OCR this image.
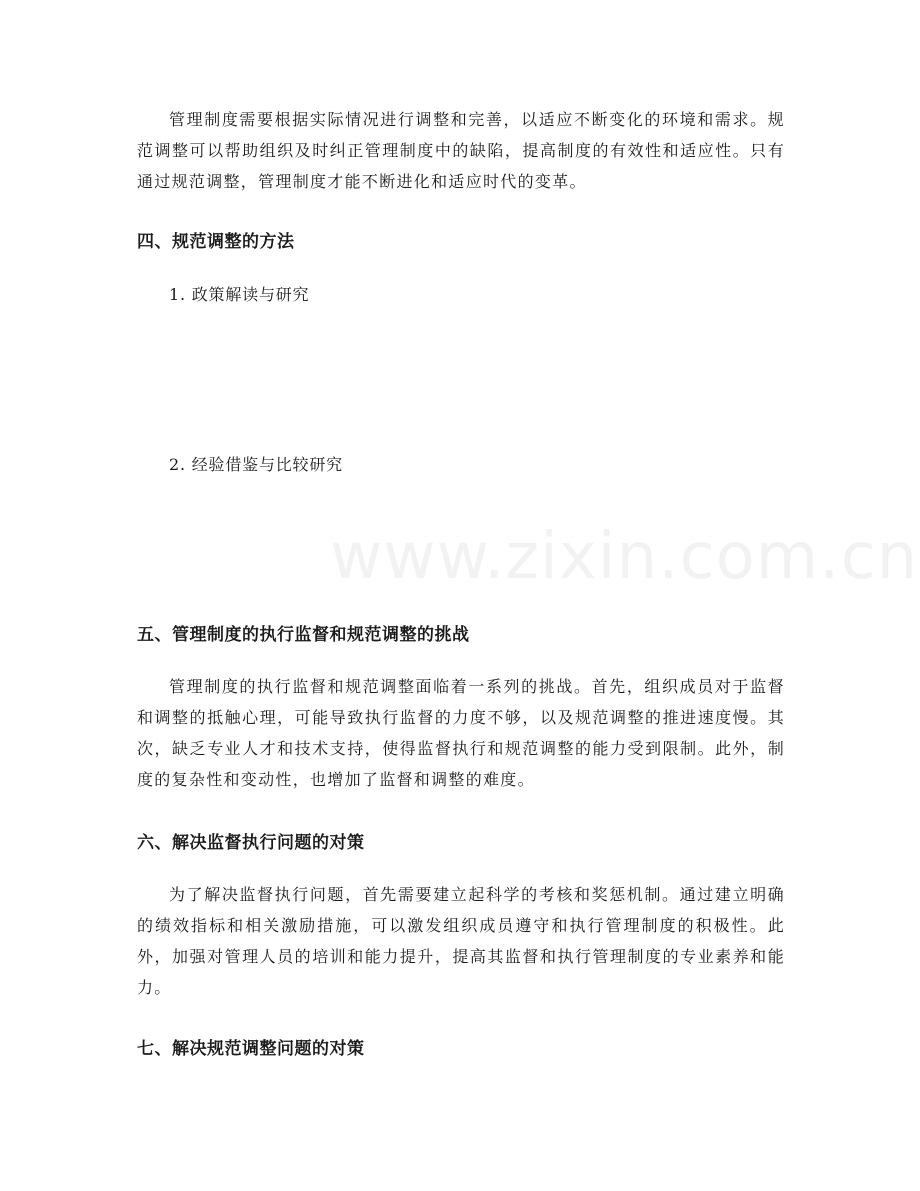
管理制度需要根据实际情况进行调整和完善，以适应不断变化的环境和需求。规范调整可以帮助组织及时纠正管理制度中的缺陷，提高制度的有效性和适应性。只有通过规范调整，管理制度才能不断进化和适应时代的变革。

四、规范调整的方法
1. 政策解读与研究

2. 经验借鉴与比较研究

五、管理制度的执行监督和规范调整的挑战

管理制度的执行监督和规范调整面临着一系列的挑战。首先，组织成员对于监督和调整的抵触心理，可能导致执行监督的力度不够，以及规范调整的推进速度慢。其次，缺乏专业人才和技术支持，使得监督执行和规范调整的能力受到限制。此外，制度的复杂性和变动性，也增加了监督和调整的难度。

六、解决监督执行问题的对策

为了解决监督执行问题，首先需要建立起科学的考核和奖惩机制。通过建立明确的绩效指标和相关激励措施，可以激发组织成员遵守和执行管理制度的积极性。此外，加强对管理人员的培训和能力提升，提高其监督和执行管理制度的专业素养和能力。

七、解决规范调整问题的对策
www.zixin.com.cn
